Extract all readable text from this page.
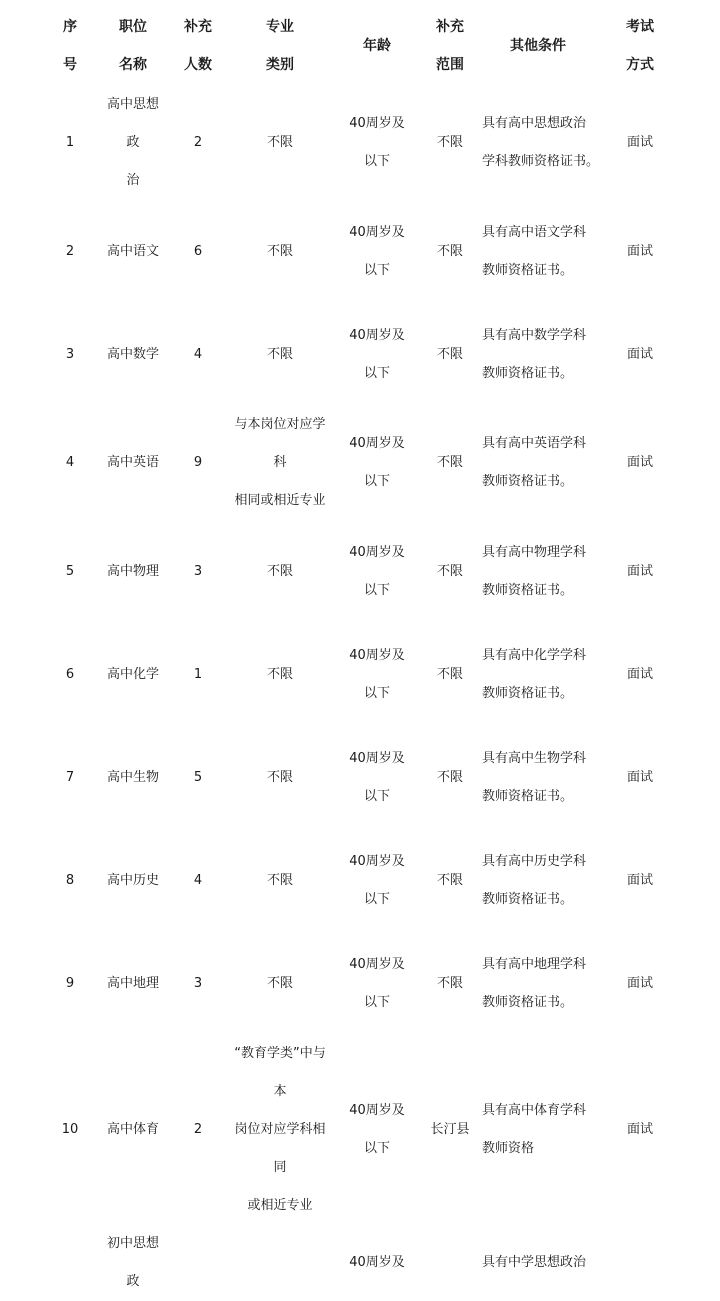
序
号	职位
名称	补充
人数	专业
类别	年龄	补充
范围	其他条件	考试
方式

1	高中思想政
治	2	不限	40周岁及
以下	不限	具有高中思想政治
学科教师资格证书。	面试

2	高中语文	6	不限	40周岁及
以下	不限	具有高中语文学科
教师资格证书。	面试

3	高中数学	4	不限	40周岁及
以下	不限	具有高中数学学科
教师资格证书。	面试

4	高中英语	9	与本岗位对应学科
相同或相近专业	40周岁及
以下	不限	具有高中英语学科
教师资格证书。	面试

5	高中物理	3	不限	40周岁及
以下	不限	具有高中物理学科
教师资格证书。	面试

6	高中化学	1	不限	40周岁及
以下	不限	具有高中化学学科
教师资格证书。	面试

7	高中生物	5	不限	40周岁及
以下	不限	具有高中生物学科
教师资格证书。	面试

8	高中历史	4	不限	40周岁及
以下	不限	具有高中历史学科
教师资格证书。	面试

9	高中地理	3	不限	40周岁及
以下	不限	具有高中地理学科
教师资格证书。	面试

10	高中体育	2	“教育学类”中与本
岗位对应学科相同
或相近专业	40周岁及
以下	长汀县	具有高中体育学科
教师资格	面试

	初中思想政			40周岁及		具有中学思想政治	
